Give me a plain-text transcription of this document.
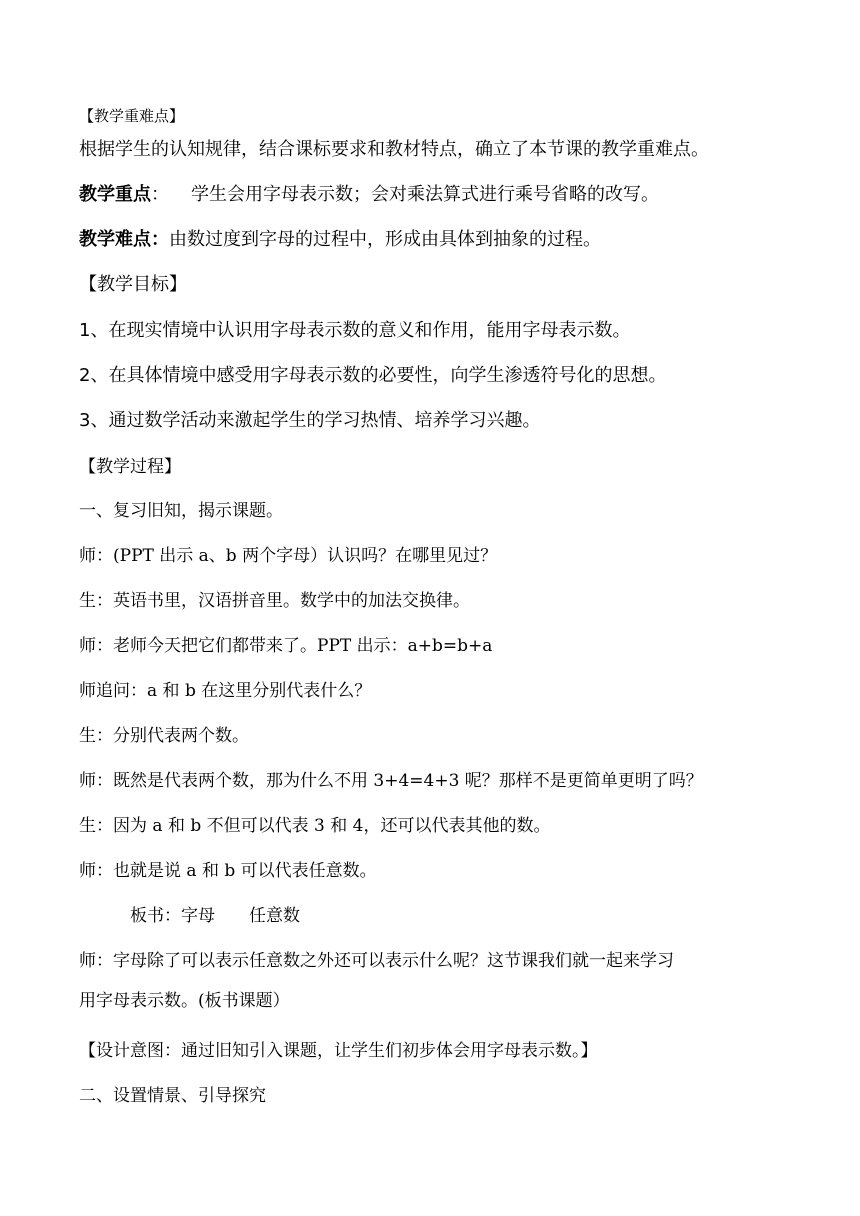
【教学重难点】
根据学生的认知规律，结合课标要求和教材特点，确立了本节课的教学重难点。
教学重点： 学生会用字母表示数；会对乘法算式进行乘号省略的改写。
教学难点：由数过度到字母的过程中，形成由具体到抽象的过程。
【教学目标】
1、在现实情境中认识用字母表示数的意义和作用，能用字母表示数。
2、在具体情境中感受用字母表示数的必要性，向学生渗透符号化的思想。
3、通过数学活动来激起学生的学习热情、培养学习兴趣。
【教学过程】
一、复习旧知，揭示课题。
师：(PPT 出示 a、b 两个字母）认识吗？在哪里见过？
生：英语书里，汉语拼音里。数学中的加法交换律。
师：老师今天把它们都带来了。PPT 出示：a+b=b+a
师追问：a 和 b 在这里分别代表什么？
生：分别代表两个数。
师：既然是代表两个数，那为什么不用 3+4=4+3 呢？那样不是更简单更明了吗？
生：因为 a 和 b 不但可以代表 3 和 4，还可以代表其他的数。
师：也就是说 a 和 b 可以代表任意数。
板书：字母　　任意数
师：字母除了可以表示任意数之外还可以表示什么呢？这节课我们就一起来学习
用字母表示数。(板书课题）
【设计意图：通过旧知引入课题，让学生们初步体会用字母表示数。】
二、设置情景、引导探究
